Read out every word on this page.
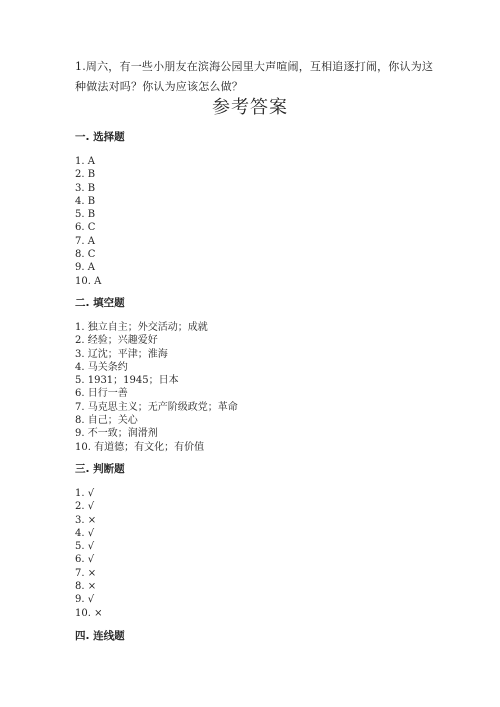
1.周六，有一些小朋友在滨海公园里大声喧闹，互相追逐打闹，你认为这种做法对吗？你认为应该怎么做？
参考答案
一. 选择题
1. A
2. B
3. B
4. B
5. B
6. C
7. A
8. C
9. A
10. A
二. 填空题
1. 独立自主；外交活动；成就
2. 经验；兴趣爱好
3. 辽沈；平津；淮海
4. 马关条约
5. 1931；1945；日本
6. 日行一善
7. 马克思主义；无产阶级政党；革命
8. 自己；关心
9. 不一致；润滑剂
10. 有道德；有文化；有价值
三. 判断题
1. √
2. √
3. ×
4. √
5. √
6. √
7. ×
8. ×
9. √
10. ×
四. 连线题
